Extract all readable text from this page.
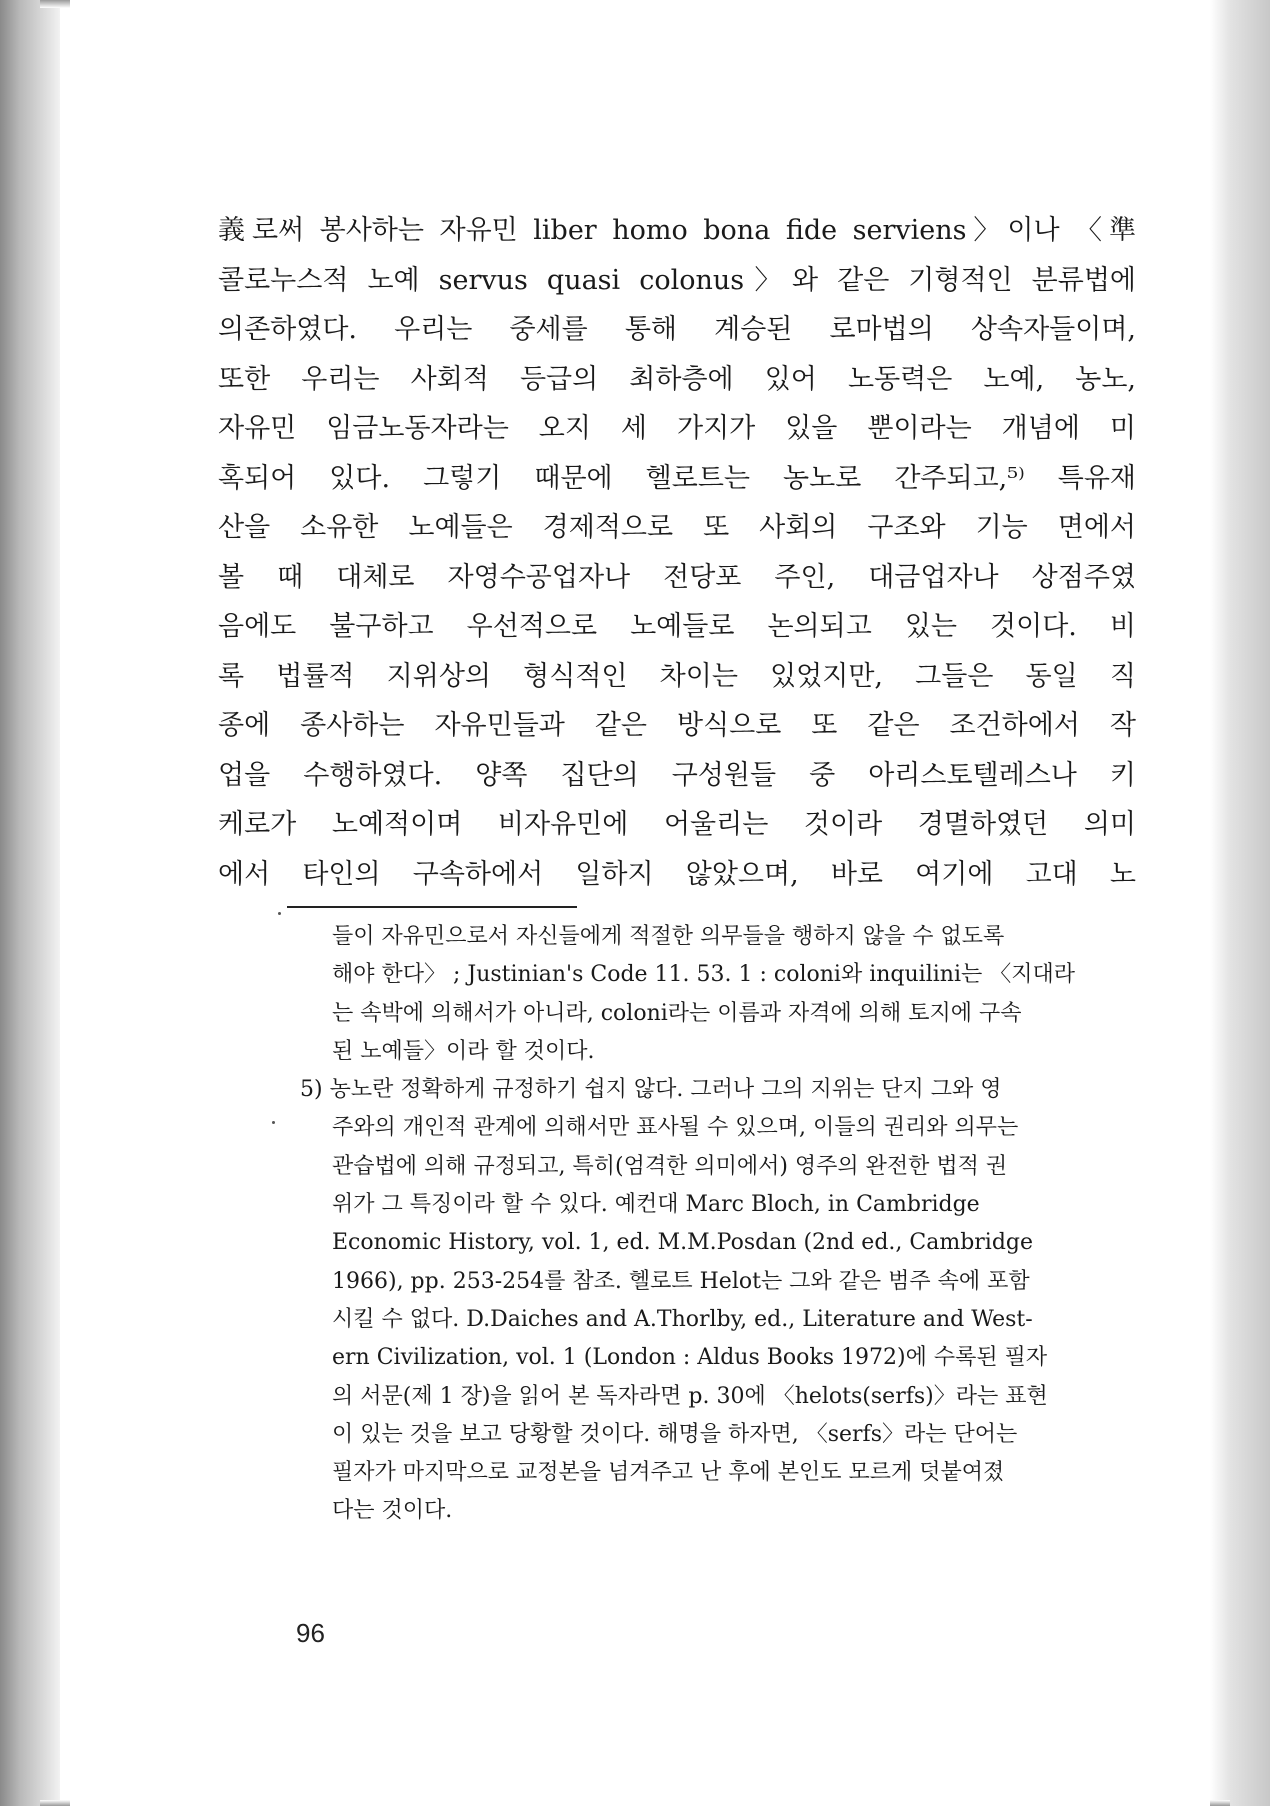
義로써 봉사하는 자유민 liber homo bona fide serviens〉이나 〈準
콜로누스적 노예 servus quasi colonus〉와 같은 기형적인 분류법에
의존하였다. 우리는 중세를 통해 계승된 로마법의 상속자들이며,
또한 우리는 사회적 등급의 최하층에 있어 노동력은 노예, 농노,
자유민 임금노동자라는 오지 세 가지가 있을 뿐이라는 개념에 미
혹되어 있다. 그렇기 때문에 헬로트는 농노로 간주되고,⁵⁾ 특유재
산을 소유한 노예들은 경제적으로 또 사회의 구조와 기능 면에서
볼 때 대체로 자영수공업자나 전당포 주인, 대금업자나 상점주였
음에도 불구하고 우선적으로 노예들로 논의되고 있는 것이다. 비
록 법률적 지위상의 형식적인 차이는 있었지만, 그들은 동일 직
종에 종사하는 자유민들과 같은 방식으로 또 같은 조건하에서 작
업을 수행하였다. 양쪽 집단의 구성원들 중 아리스토텔레스나 키
케로가 노예적이며 비자유민에 어울리는 것이라 경멸하였던 의미
에서 타인의 구속하에서 일하지 않았으며, 바로 여기에 고대 노
들이 자유민으로서 자신들에게 적절한 의무들을 행하지 않을 수 없도록
해야 한다〉 ; Justinian's Code 11. 53. 1 : coloni와 inquilini는 〈지대라
는 속박에 의해서가 아니라, coloni라는 이름과 자격에 의해 토지에 구속
된 노예들〉이라 할 것이다.
5) 농노란 정확하게 규정하기 쉽지 않다. 그러나 그의 지위는 단지 그와 영
주와의 개인적 관계에 의해서만 표사될 수 있으며, 이들의 권리와 의무는
관습법에 의해 규정되고, 특히(엄격한 의미에서) 영주의 완전한 법적 권
위가 그 특징이라 할 수 있다. 예컨대 Marc Bloch, in Cambridge
Economic History, vol. 1, ed. M.M.Posdan (2nd ed., Cambridge
1966), pp. 253-254를 참조. 헬로트 Helot는 그와 같은 범주 속에 포함
시킬 수 없다. D.Daiches and A.Thorlby, ed., Literature and West-
ern Civilization, vol. 1 (London : Aldus Books 1972)에 수록된 필자
의 서문(제 1 장)을 읽어 본 독자라면 p. 30에 〈helots(serfs)〉라는 표현
이 있는 것을 보고 당황할 것이다. 해명을 하자면, 〈serfs〉라는 단어는
필자가 마지막으로 교정본을 넘겨주고 난 후에 본인도 모르게 덧붙여졌
다는 것이다.
96
